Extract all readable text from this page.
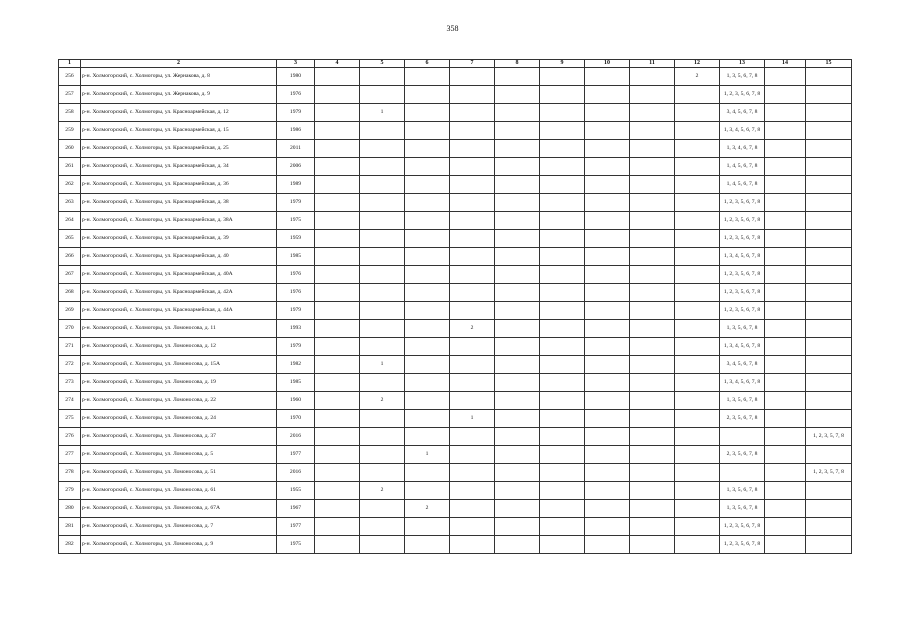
358
1	2	3	4	5	6	7	8	9	10	11	12	13	14	15
256	р-н. Холмогорский, с. Холмогоры, ул. Жернакова, д. 8	1980									2	1, 3, 5, 6, 7, 8		
257	р-н. Холмогорский, с. Холмогоры, ул. Жернакова, д. 9	1976										1, 2, 3, 5, 6, 7, 8		
258	р-н. Холмогорский, с. Холмогоры, ул. Красноармейская, д. 12	1979		1								3, 4, 5, 6, 7, 8		
259	р-н. Холмогорский, с. Холмогоры, ул. Красноармейская, д. 15	1986										1, 3, 4, 5, 6, 7, 8		
260	р-н. Холмогорский, с. Холмогоры, ул. Красноармейская, д. 25	2011										1, 3, 4, 6, 7, 8		
261	р-н. Холмогорский, с. Холмогоры, ул. Красноармейская, д. 34	2006										1, 4, 5, 6, 7, 8		
262	р-н. Холмогорский, с. Холмогоры, ул. Красноармейская, д. 36	1989										1, 4, 5, 6, 7, 8		
263	р-н. Холмогорский, с. Холмогоры, ул. Красноармейская, д. 38	1979										1, 2, 3, 5, 6, 7, 8		
264	р-н. Холмогорский, с. Холмогоры, ул. Красноармейская, д. 38А	1975										1, 2, 3, 5, 6, 7, 8		
265	р-н. Холмогорский, с. Холмогоры, ул. Красноармейская, д. 39	1959										1, 2, 3, 5, 6, 7, 8		
266	р-н. Холмогорский, с. Холмогоры, ул. Красноармейская, д. 40	1985										1, 3, 4, 5, 6, 7, 8		
267	р-н. Холмогорский, с. Холмогоры, ул. Красноармейская, д. 40А	1976										1, 2, 3, 5, 6, 7, 8		
268	р-н. Холмогорский, с. Холмогоры, ул. Красноармейская, д. 42А	1976										1, 2, 3, 5, 6, 7, 8		
269	р-н. Холмогорский, с. Холмогоры, ул. Красноармейская, д. 44А	1979										1, 2, 3, 5, 6, 7, 8		
270	р-н. Холмогорский, с. Холмогоры, ул. Ломоносова, д. 11	1993				2						1, 3, 5, 6, 7, 8		
271	р-н. Холмогорский, с. Холмогоры, ул. Ломоносова, д. 12	1979										1, 3, 4, 5, 6, 7, 8		
272	р-н. Холмогорский, с. Холмогоры, ул. Ломоносова, д. 15А	1982		1								3, 4, 5, 6, 7, 8		
273	р-н. Холмогорский, с. Холмогоры, ул. Ломоносова, д. 19	1985										1, 3, 4, 5, 6, 7, 8		
274	р-н. Холмогорский, с. Холмогоры, ул. Ломоносова, д. 22	1960		2								1, 3, 5, 6, 7, 8		
275	р-н. Холмогорский, с. Холмогоры, ул. Ломоносова, д. 24	1970				1						2, 3, 5, 6, 7, 8		
276	р-н. Холмогорский, с. Холмогоры, ул. Ломоносова, д. 37	2016												1, 2, 3, 5, 7, 8
277	р-н. Холмогорский, с. Холмогоры, ул. Ломоносова, д. 5	1977			1							2, 3, 5, 6, 7, 8		
278	р-н. Холмогорский, с. Холмогоры, ул. Ломоносова, д. 51	2016												1, 2, 3, 5, 7, 8
279	р-н. Холмогорский, с. Холмогоры, ул. Ломоносова, д. 61	1955		2								1, 3, 5, 6, 7, 8		
280	р-н. Холмогорский, с. Холмогоры, ул. Ломоносова, д. 67А	1967			2							1, 3, 5, 6, 7, 8		
281	р-н. Холмогорский, с. Холмогоры, ул. Ломоносова, д. 7	1977										1, 2, 3, 5, 6, 7, 8		
282	р-н. Холмогорский, с. Холмогоры, ул. Ломоносова, д. 9	1975										1, 2, 3, 5, 6, 7, 8		
